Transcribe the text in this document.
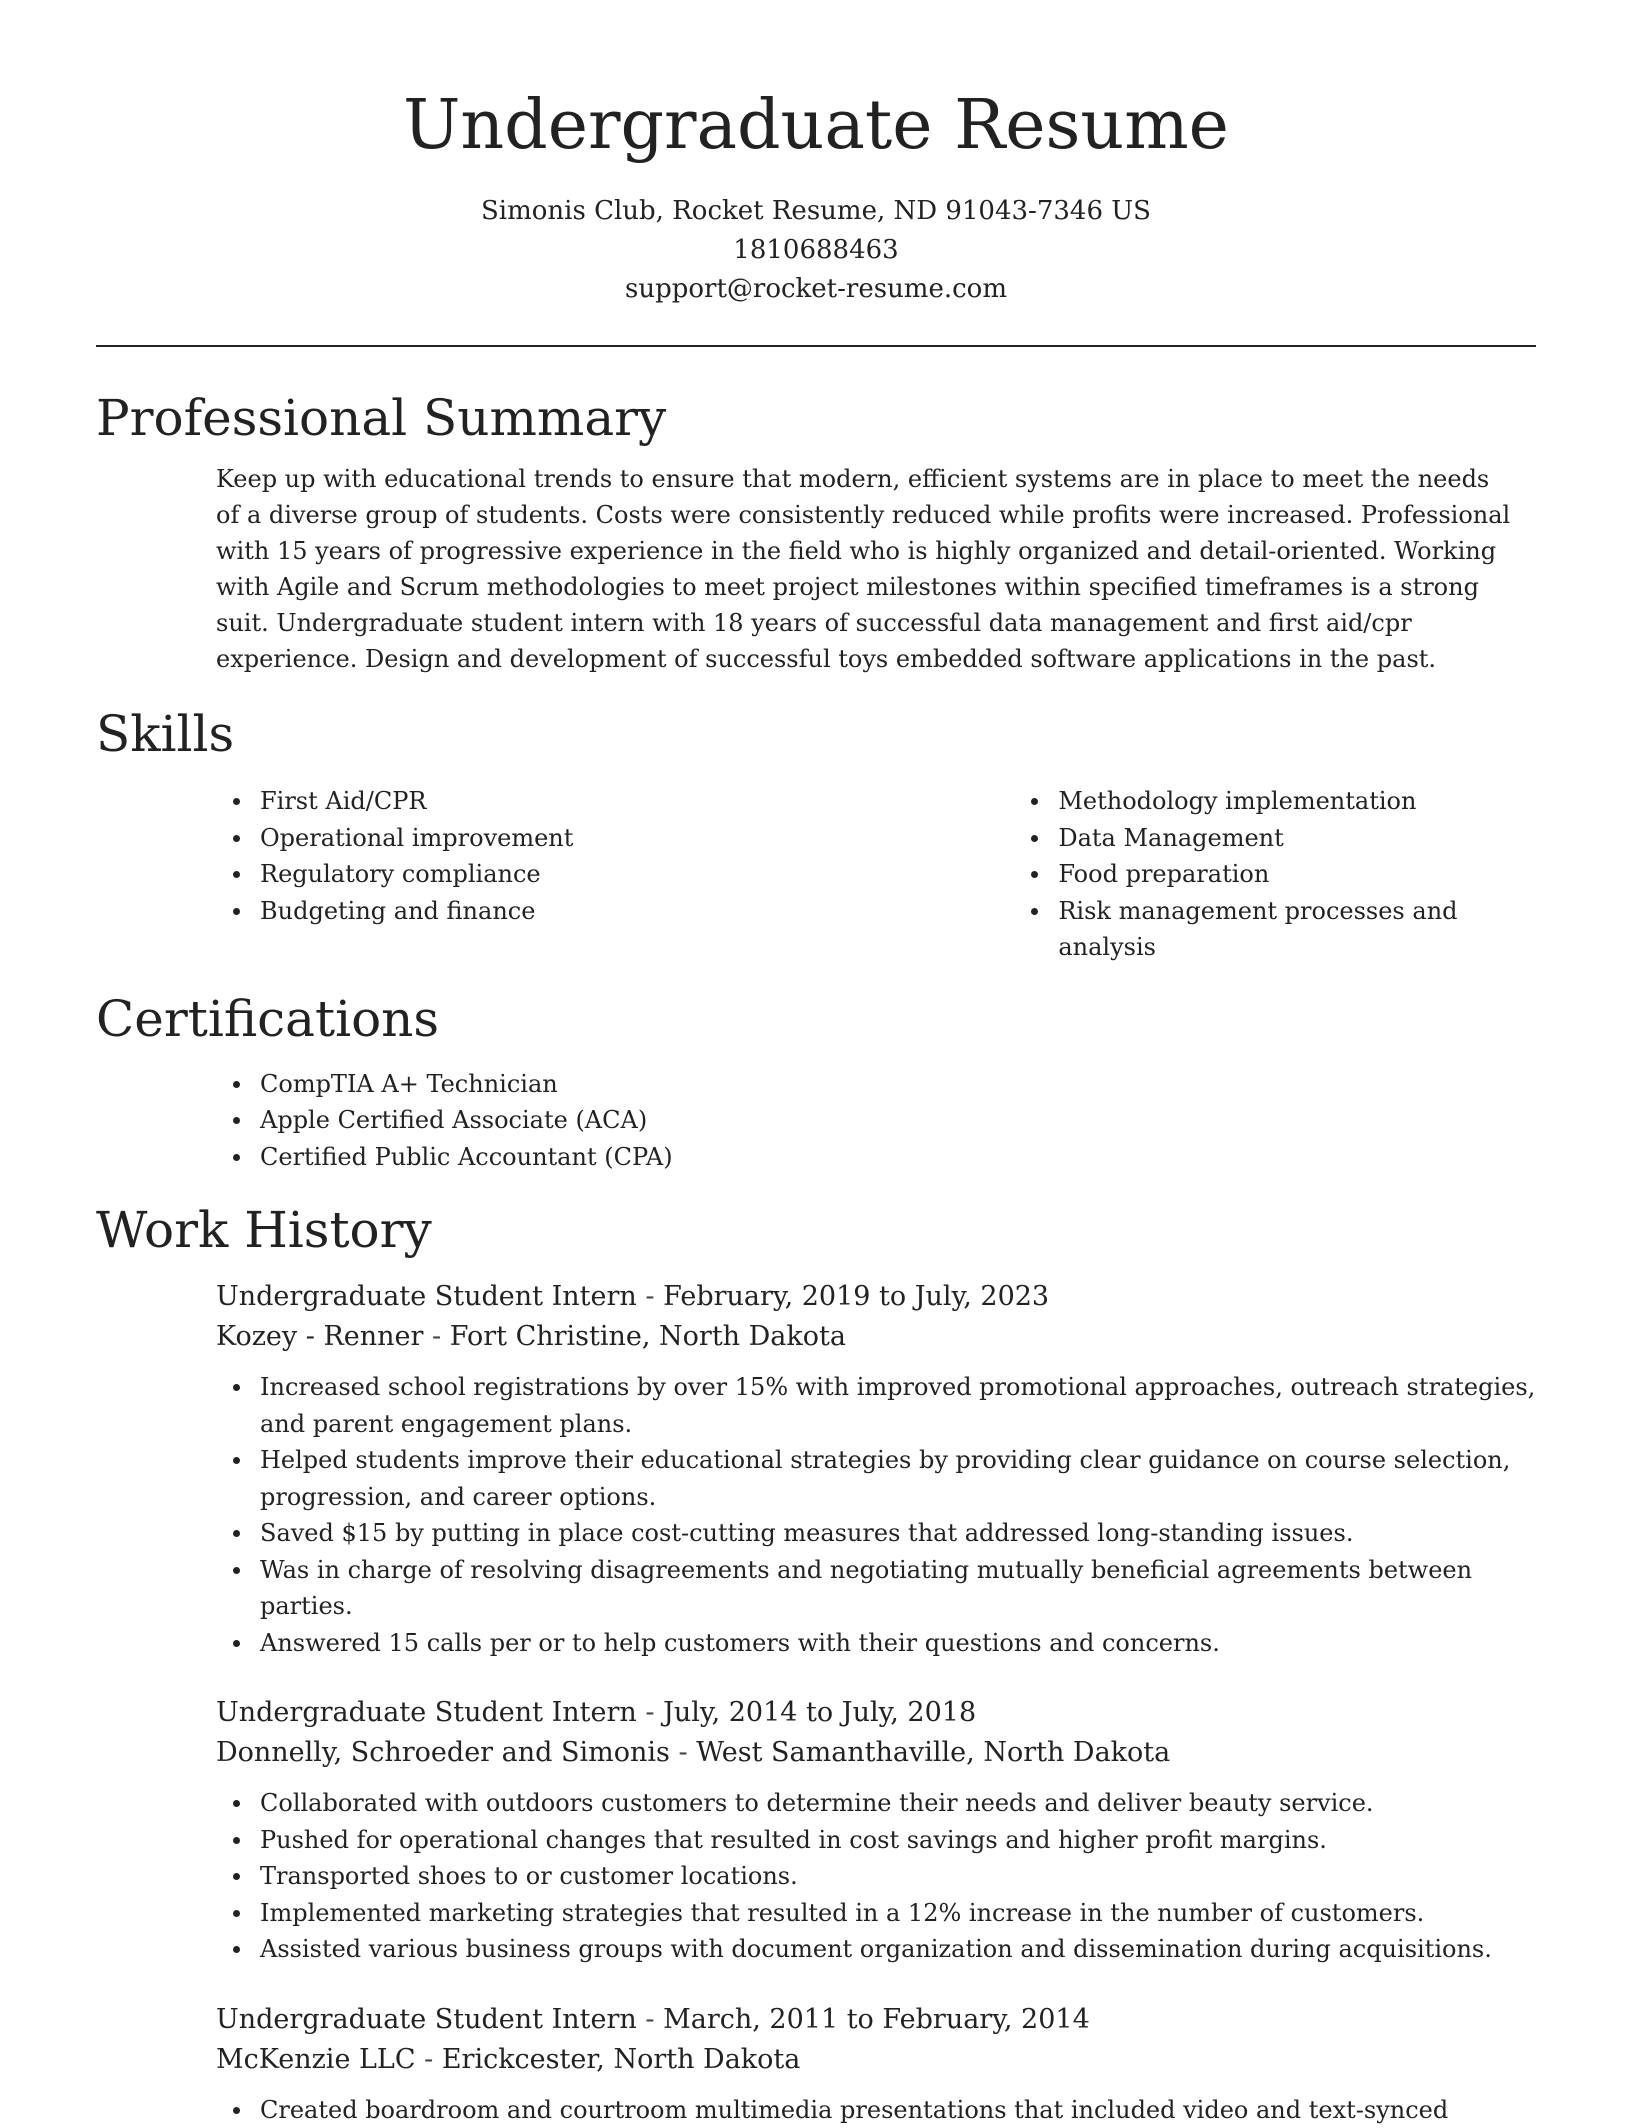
Undergraduate Resume
Simonis Club, Rocket Resume, ND 91043-7346 US
1810688463
support@rocket-resume.com
Professional Summary

Keep up with educational trends to ensure that modern, efficient systems are in place to meet the needs of a diverse group of students. Costs were consistently reduced while profits were increased. Professional with 15 years of progressive experience in the field who is highly organized and detail-oriented. Working with Agile and Scrum methodologies to meet project milestones within specified timeframes is a strong suit. Undergraduate student intern with 18 years of successful data management and first aid/cpr experience. Design and development of successful toys embedded software applications in the past.

Skills
First Aid/CPR
Operational improvement
Regulatory compliance
Budgeting and finance
Methodology implementation
Data Management
Food preparation
Risk management processes and analysis
Certifications
CompTIA A+ Technician
Apple Certified Associate (ACA)
Certified Public Accountant (CPA)
Work History
Undergraduate Student Intern - February, 2019 to July, 2023
Kozey - Renner - Fort Christine, North Dakota
Increased school registrations by over 15% with improved promotional approaches, outreach strategies, and parent engagement plans.
Helped students improve their educational strategies by providing clear guidance on course selection, progression, and career options.
Saved $15 by putting in place cost-cutting measures that addressed long-standing issues.
Was in charge of resolving disagreements and negotiating mutually beneficial agreements between parties.
Answered 15 calls per or to help customers with their questions and concerns.
Undergraduate Student Intern - July, 2014 to July, 2018
Donnelly, Schroeder and Simonis - West Samanthaville, North Dakota
Collaborated with outdoors customers to determine their needs and deliver beauty service.
Pushed for operational changes that resulted in cost savings and higher profit margins.
Transported shoes to or customer locations.
Implemented marketing strategies that resulted in a 12% increase in the number of customers.
Assisted various business groups with document organization and dissemination during acquisitions.
Undergraduate Student Intern - March, 2011 to February, 2014
McKenzie LLC - Erickcester, North Dakota
Created boardroom and courtroom multimedia presentations that included video and text-synced
